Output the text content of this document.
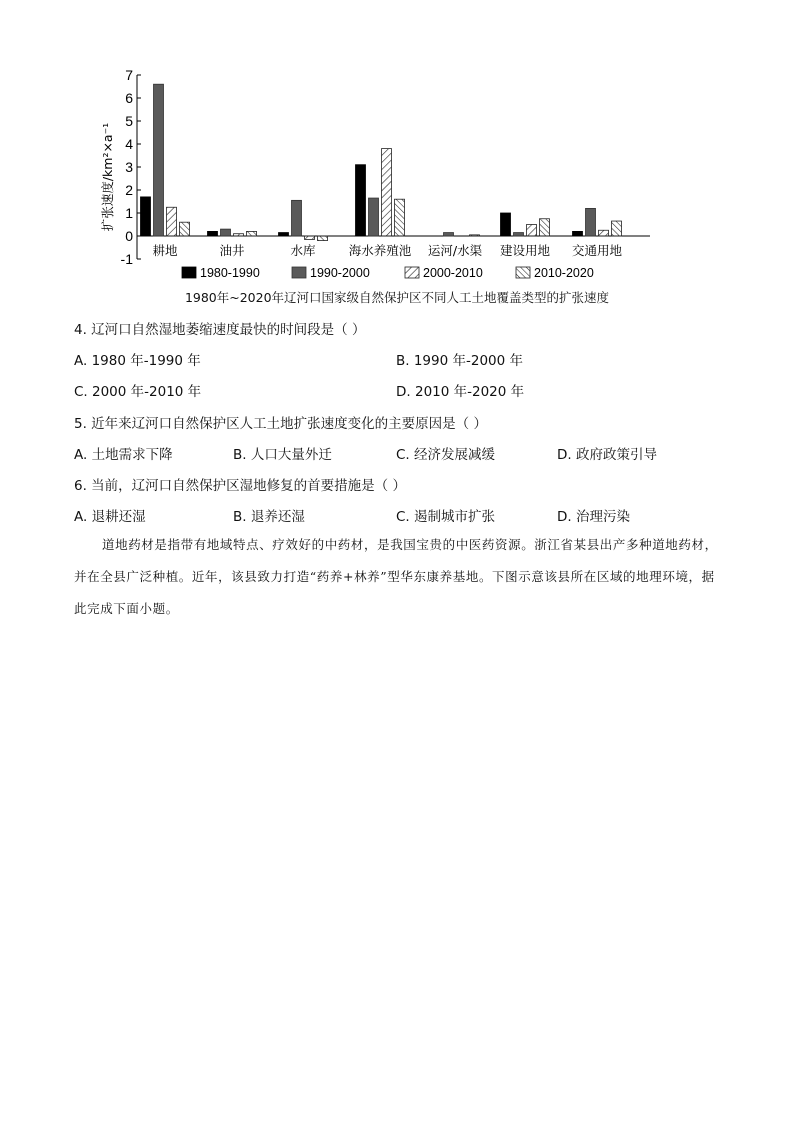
扩张速度/km²×a⁻¹
-1
0
1
2
3
4
5
6
7
耕地	油井	水库	海水养殖池 运河/水渠 建设用地 交通用地
1980-1990	1990-2000	2000-2010	2010-2020
1980年~2020年辽河口国家级自然保护区不同人工土地覆盖类型的扩张速度
4. 辽河口自然湿地萎缩速度最快的时间段是（ ）
A. 1980 年-1990 年	B. 1990 年-2000 年
C. 2000 年-2010 年	D. 2010 年-2020 年
5. 近年来辽河口自然保护区人工土地扩张速度变化的主要原因是（ ）
A. 土地需求下降	B. 人口大量外迁	C. 经济发展减缓	D. 政府政策引导
6. 当前，辽河口自然保护区湿地修复的首要措施是（ ）
A. 退耕还湿	B. 退养还湿	C. 遏制城市扩张	D. 治理污染
道地药材是指带有地域特点、疗效好的中药材，是我国宝贵的中医药资源。浙江省某县出产多种道地药材，并在全县广泛种植。近年，该县致力打造“药养+林养”型华东康养基地。下图示意该县所在区域的地理环境，据此完成下面小题。
